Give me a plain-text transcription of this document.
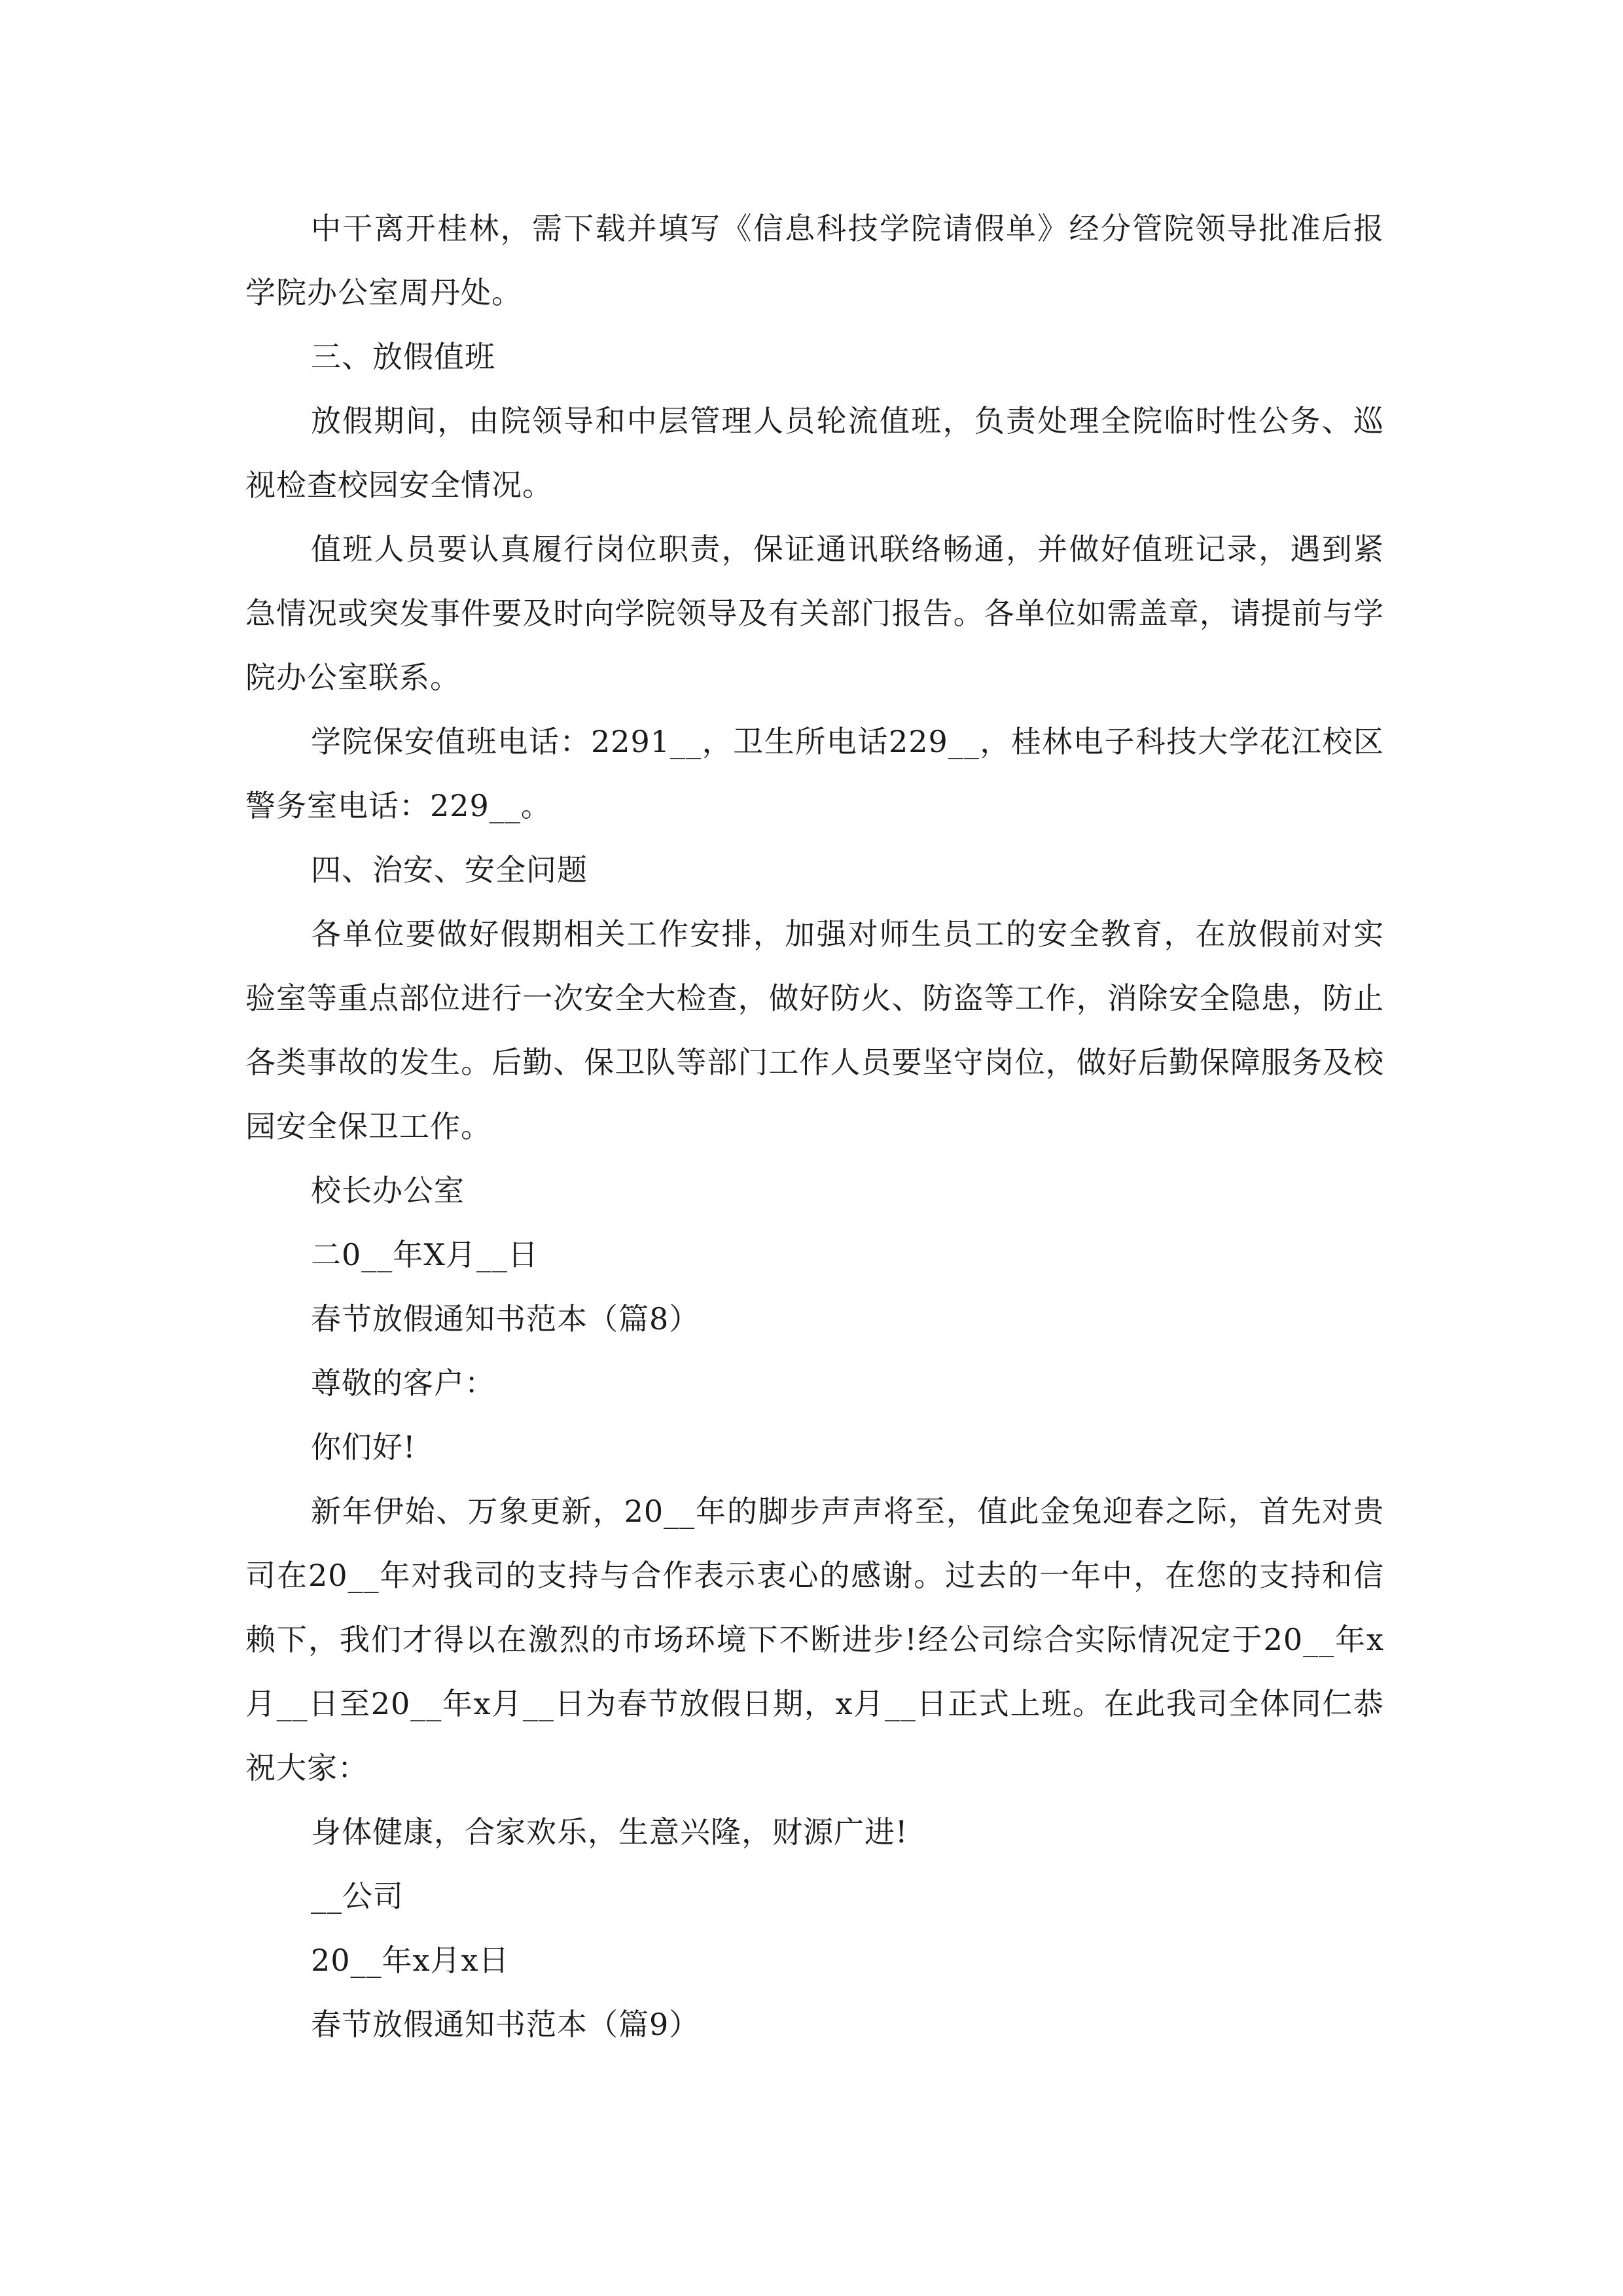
中干离开桂林，需下载并填写《信息科技学院请假单》经分管院领导批准后报学院办公室周丹处。

三、放假值班

放假期间，由院领导和中层管理人员轮流值班，负责处理全院临时性公务、巡视检查校园安全情况。

值班人员要认真履行岗位职责，保证通讯联络畅通，并做好值班记录，遇到紧急情况或突发事件要及时向学院领导及有关部门报告。各单位如需盖章，请提前与学院办公室联系。

学院保安值班电话：2291__，卫生所电话229__，桂林电子科技大学花江校区警务室电话：229__。

四、治安、安全问题

各单位要做好假期相关工作安排，加强对师生员工的安全教育，在放假前对实验室等重点部位进行一次安全大检查，做好防火、防盗等工作，消除安全隐患，防止各类事故的发生。后勤、保卫队等部门工作人员要坚守岗位，做好后勤保障服务及校园安全保卫工作。

校长办公室

二0__年X月__日

春节放假通知书范本（篇8）

尊敬的客户：

你们好!

新年伊始、万象更新，20__年的脚步声声将至，值此金兔迎春之际，首先对贵司在20__年对我司的支持与合作表示衷心的感谢。过去的一年中，在您的支持和信赖下，我们才得以在激烈的市场环境下不断进步!经公司综合实际情况定于20__年x月__日至20__年x月__日为春节放假日期，x月__日正式上班。在此我司全体同仁恭祝大家：

身体健康，合家欢乐，生意兴隆，财源广进!

__公司

20__年x月x日

春节放假通知书范本（篇9）
